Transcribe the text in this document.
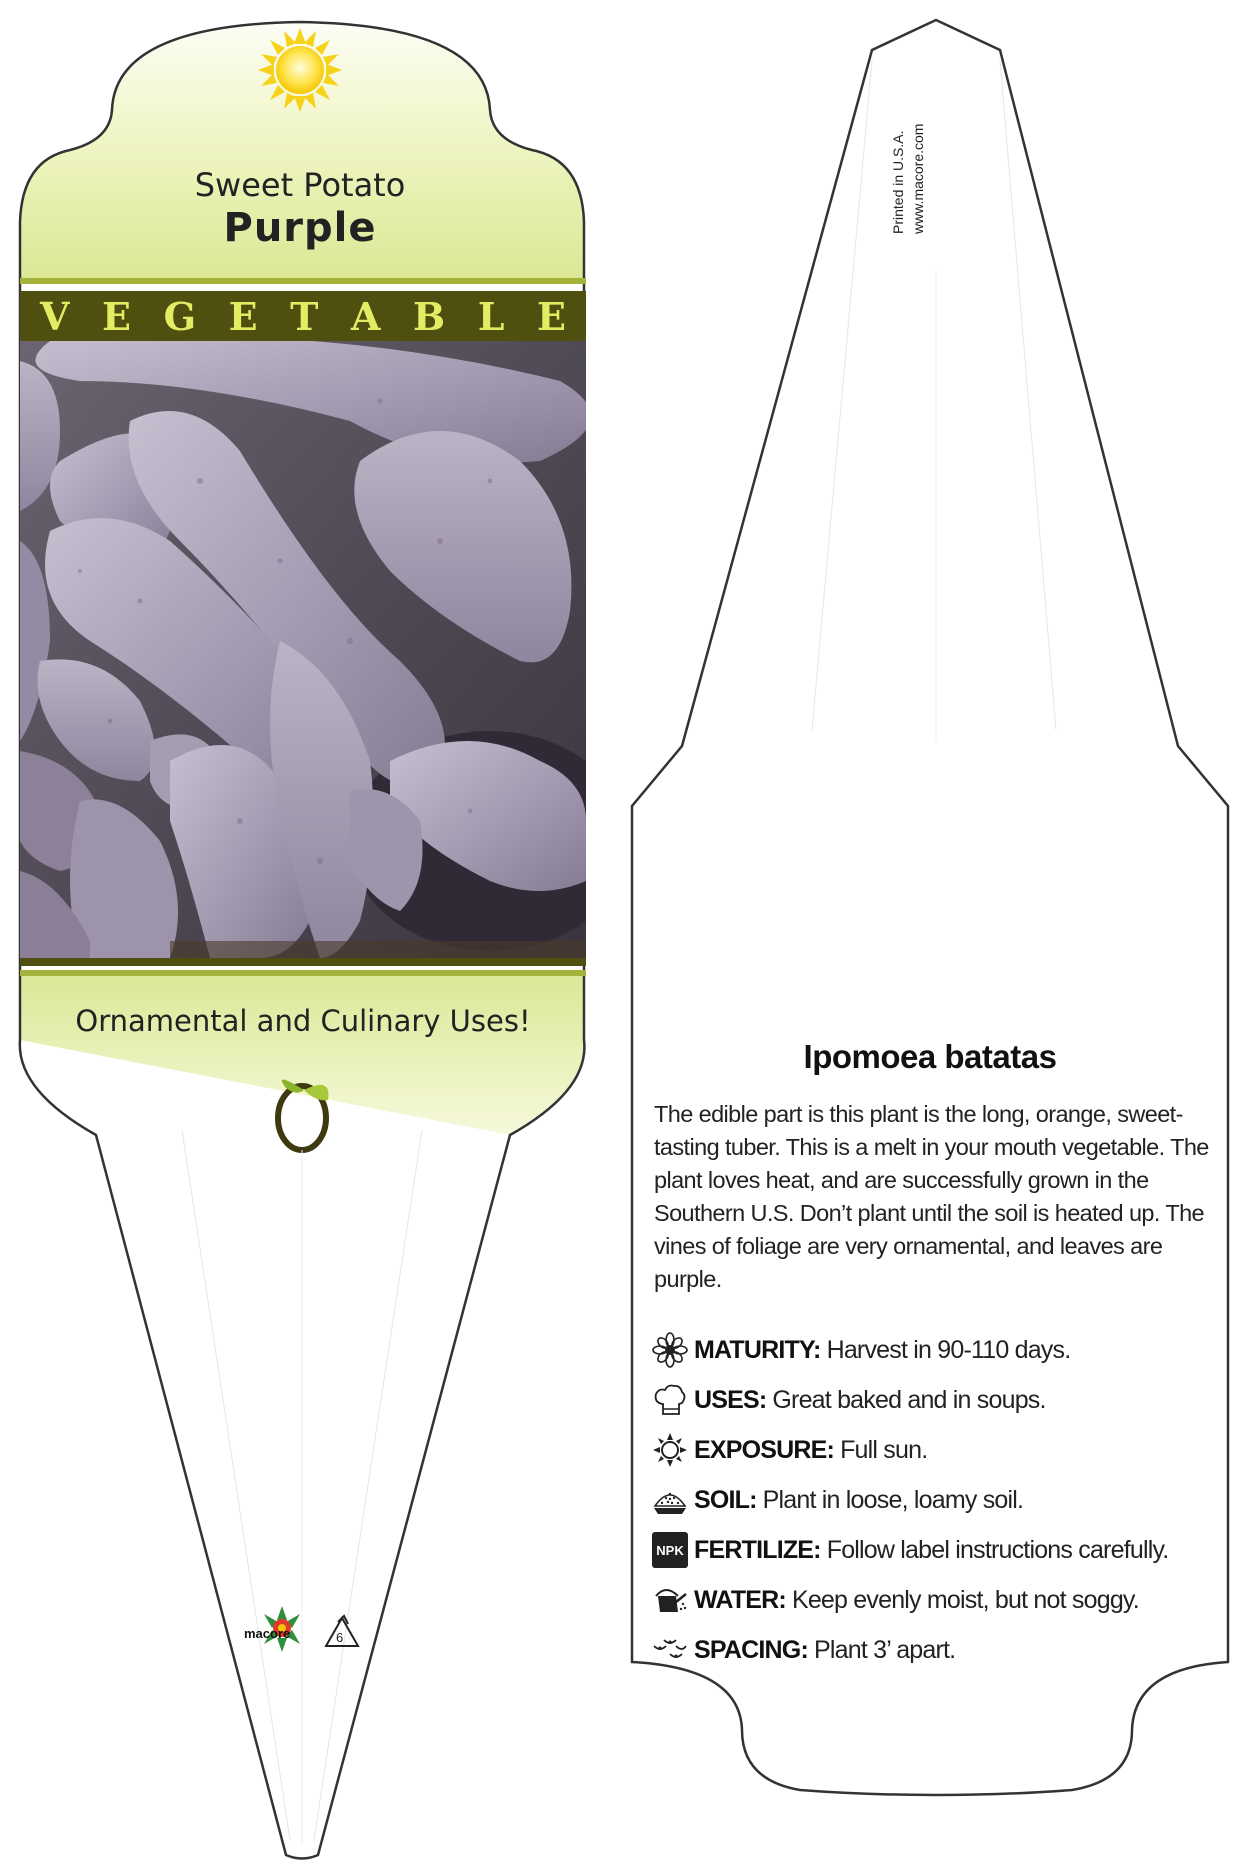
Sweet Potato
Purple
V E G E T A B L E
Ornamental and Culinary Uses!
macore	6
Printed in U.S.A. www.macore.com
Ipomoea batatas
The edible part is this plant is the long, orange, sweet-tasting tuber. This is a melt in your mouth vegetable. The plant loves heat, and are successfully grown in the Southern U.S. Don’t plant until the soil is heated up. The vines of foliage are very ornamental, and leaves are purple.
MATURITY: Harvest in 90-110 days.
USES: Great baked and in soups.
EXPOSURE: Full sun.
SOIL: Plant in loose, loamy soil.
NPK FERTILIZE: Follow label instructions carefully.
WATER: Keep evenly moist, but not soggy.
SPACING: Plant 3’ apart.
